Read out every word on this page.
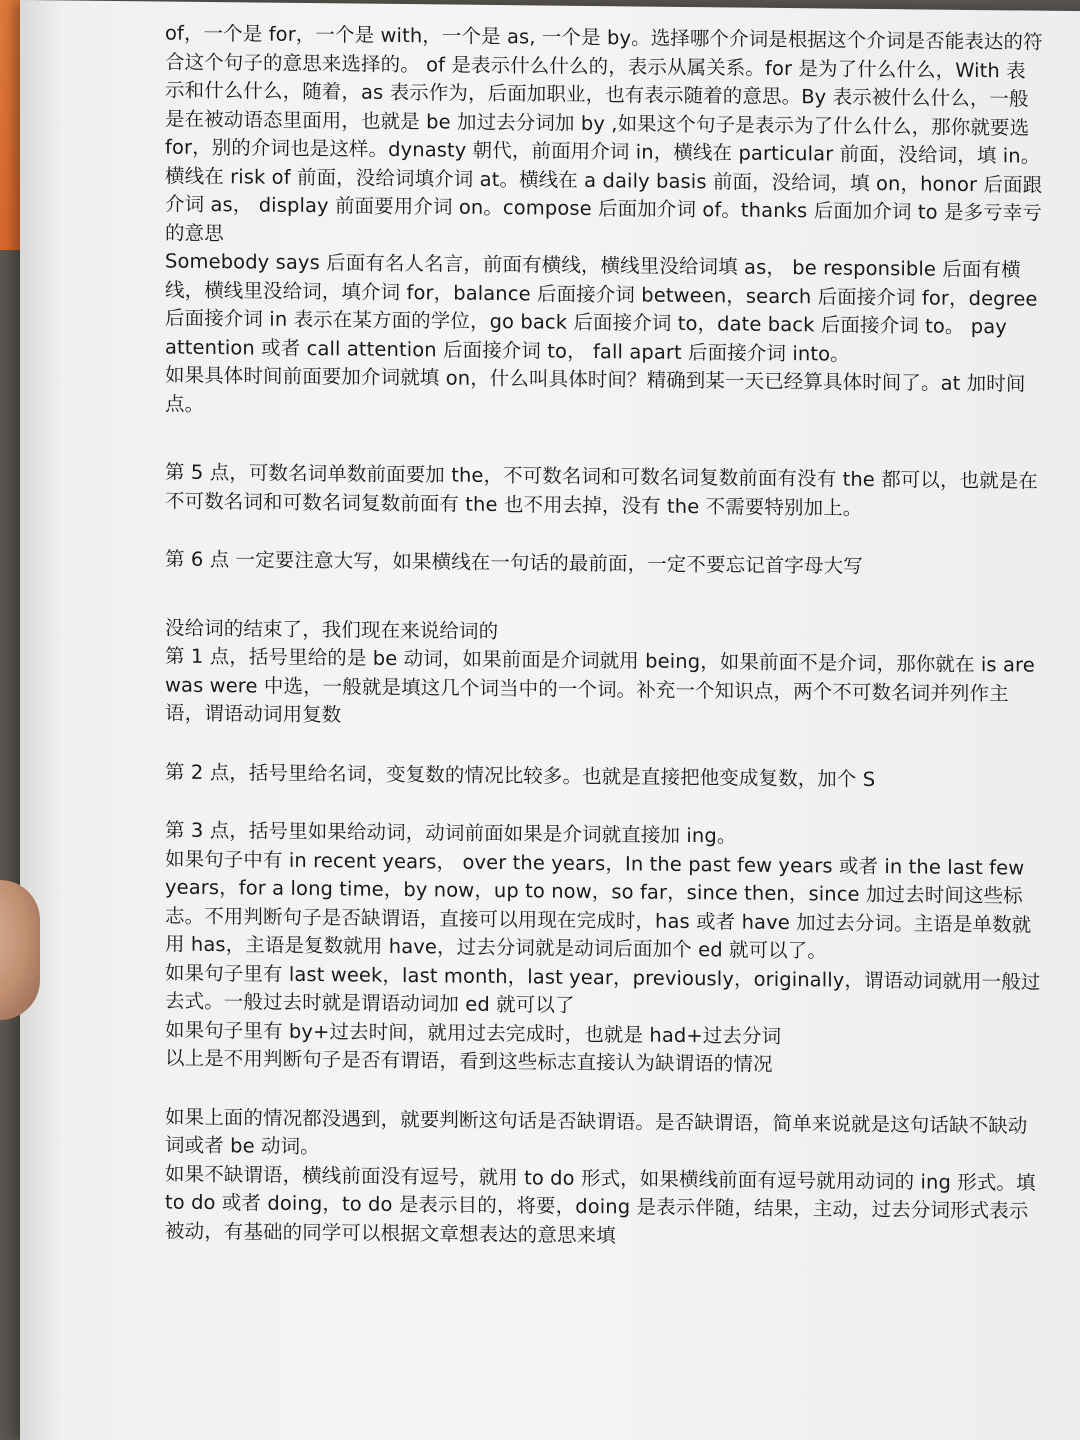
of，一个是 for，一个是 with，一个是 as, 一个是 by。选择哪个介词是根据这个介词是否能表达的符合这个句子的意思来选择的。 of 是表示什么什么的，表示从属关系。for 是为了什么什么，With 表示和什么什么，随着，as 表示作为，后面加职业，也有表示随着的意思。By 表示被什么什么，一般是在被动语态里面用，也就是 be 加过去分词加 by ,如果这个句子是表示为了什么什么，那你就要选 for，别的介词也是这样。dynasty 朝代，前面用介词 in，横线在 particular 前面，没给词，填 in。横线在 risk of 前面，没给词填介词 at。横线在 a daily basis 前面，没给词，填 on，honor 后面跟介词 as， display 前面要用介词 on。compose 后面加介词 of。thanks 后面加介词 to 是多亏幸亏的意思

Somebody says 后面有名人名言，前面有横线，横线里没给词填 as， be responsible 后面有横线，横线里没给词，填介词 for，balance 后面接介词 between，search 后面接介词 for，degree 后面接介词 in 表示在某方面的学位，go back 后面接介词 to，date back 后面接介词 to。 pay attention 或者 call attention 后面接介词 to， fall apart 后面接介词 into。

如果具体时间前面要加介词就填 on，什么叫具体时间？精确到某一天已经算具体时间了。at 加时间点。

第 5 点，可数名词单数前面要加 the，不可数名词和可数名词复数前面有没有 the 都可以，也就是在不可数名词和可数名词复数前面有 the 也不用去掉，没有 the 不需要特别加上。

第 6 点 一定要注意大写，如果横线在一句话的最前面，一定不要忘记首字母大写

没给词的结束了，我们现在来说给词的

第 1 点，括号里给的是 be 动词，如果前面是介词就用 being，如果前面不是介词，那你就在 is are was were 中选，一般就是填这几个词当中的一个词。补充一个知识点，两个不可数名词并列作主语，谓语动词用复数

第 2 点，括号里给名词，变复数的情况比较多。也就是直接把他变成复数，加个 S

第 3 点，括号里如果给动词，动词前面如果是介词就直接加 ing。

如果句子中有 in recent years， over the years，In the past few years 或者 in the last few years，for a long time，by now，up to now，so far，since then，since 加过去时间这些标志。不用判断句子是否缺谓语，直接可以用现在完成时，has 或者 have 加过去分词。主语是单数就用 has，主语是复数就用 have，过去分词就是动词后面加个 ed 就可以了。

如果句子里有 last week，last month，last year，previously，originally，谓语动词就用一般过去式。一般过去时就是谓语动词加 ed 就可以了

如果句子里有 by+过去时间，就用过去完成时，也就是 had+过去分词

以上是不用判断句子是否有谓语，看到这些标志直接认为缺谓语的情况

如果上面的情况都没遇到，就要判断这句话是否缺谓语。是否缺谓语，简单来说就是这句话缺不缺动词或者 be 动词。

如果不缺谓语，横线前面没有逗号，就用 to do 形式，如果横线前面有逗号就用动词的 ing 形式。填 to do 或者 doing，to do 是表示目的，将要，doing 是表示伴随，结果，主动，过去分词形式表示被动，有基础的同学可以根据文章想表达的意思来填
